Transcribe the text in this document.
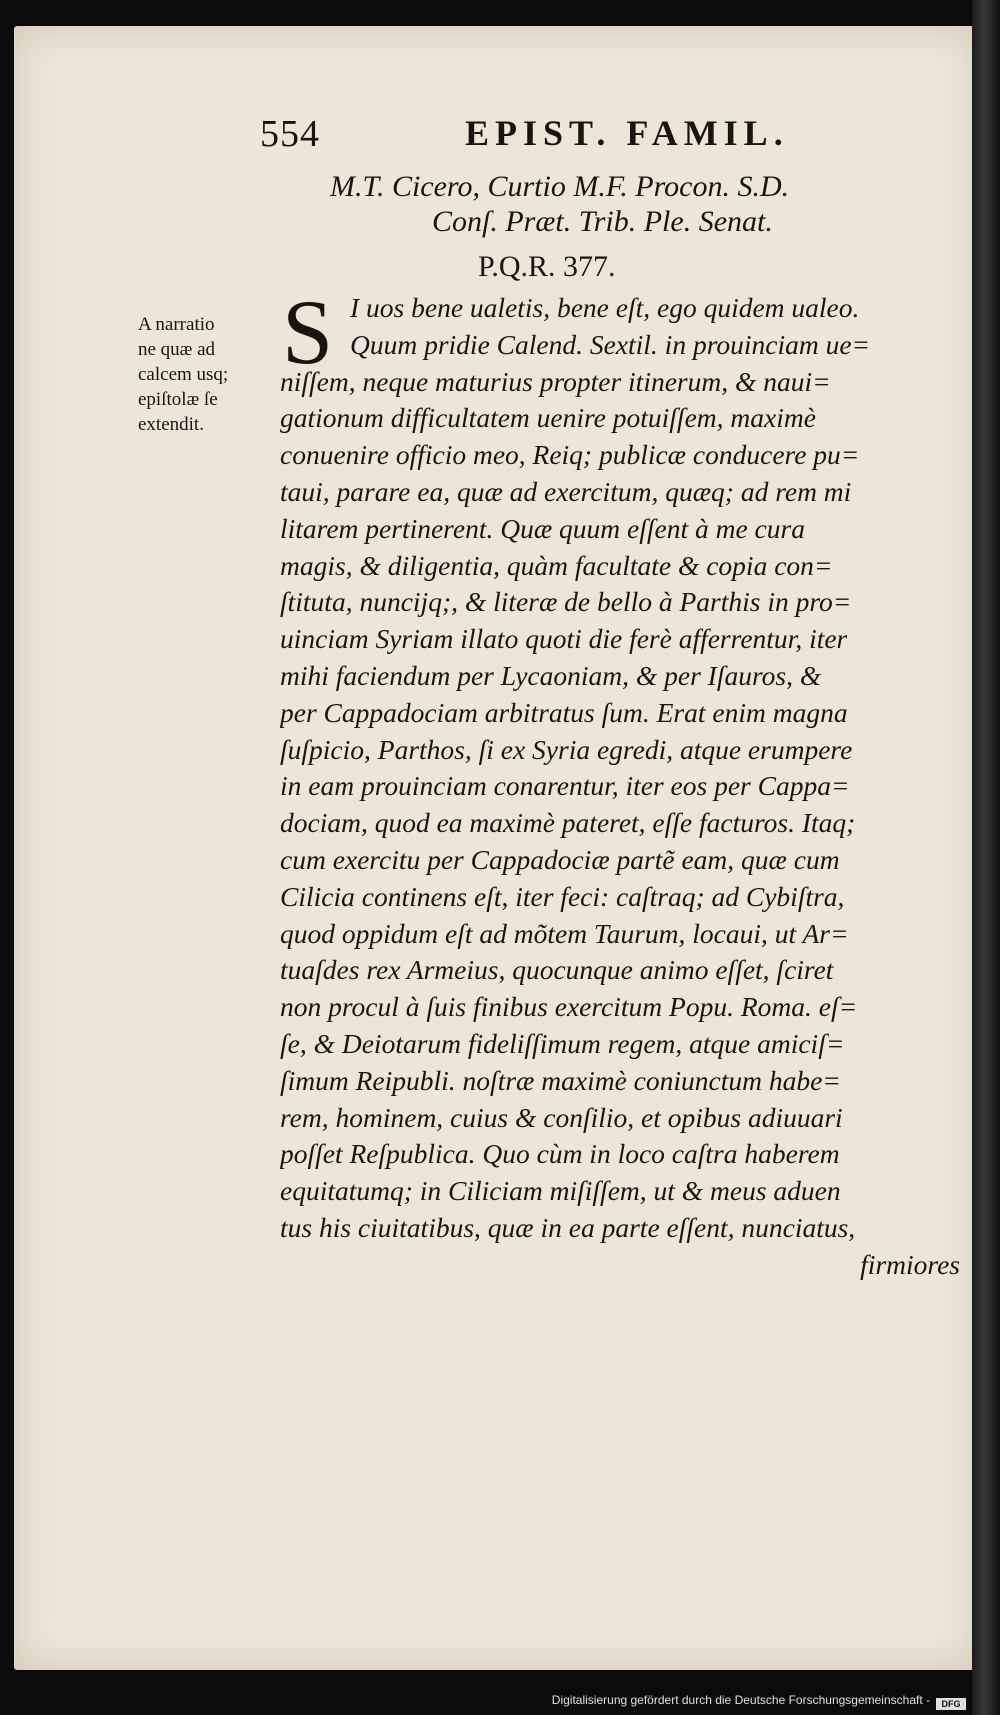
554	EPIST. FAMIL.
M.T. Cicero, Curtio M.F. Procon. S.D.
Conſ. Præt. Trib. Ple. Senat.
P.Q.R. 377.
A narratio
ne quæ ad
calcem usq;
epiſtolæ ſe
extendit.
S I uos bene ualetis, bene eſt, ego quidem ualeo.
Quum pridie Calend. Sextil. in prouinciam ue=
niſſem, neque maturius propter itinerum, & naui=
gationum difficultatem uenire potuiſſem, maximè
conuenire officio meo, Reiq; publicæ conducere pu=
taui, parare ea, quæ ad exercitum, quæq; ad rem mi
litarem pertinerent. Quæ quum eſſent à me cura
magis, & diligentia, quàm facultate & copia con=
ſtituta, nuncijq;, & literæ de bello à Parthis in pro=
uinciam Syriam illato quoti die ferè afferrentur, iter
mihi faciendum per Lycaoniam, & per Iſauros, &
per Cappadociam arbitratus ſum. Erat enim magna
ſuſpicio, Parthos, ſi ex Syria egredi, atque erumpere
in eam prouinciam conarentur, iter eos per Cappa=
dociam, quod ea maximè pateret, eſſe facturos. Itaq;
cum exercitu per Cappadociæ partẽ eam, quæ cum
Cilicia continens eſt, iter feci: caſtraq; ad Cybiſtra,
quod oppidum eſt ad mõtem Taurum, locaui, ut Ar=
tuaſdes rex Armeius, quocunque animo eſſet, ſciret
non procul à ſuis finibus exercitum Popu. Roma. eſ=
ſe, & Deiotarum fideliſſimum regem, atque amiciſ=
ſimum Reipubli. noſtræ maximè coniunctum habe=
rem, hominem, cuius & conſilio, et opibus adiuuari
poſſet Reſpublica. Quo cùm in loco caſtra haberem
equitatumq; in Ciliciam miſiſſem, ut & meus aduen
tus his ciuitatibus, quæ in ea parte eſſent, nunciatus,
firmiores
Digitalisierung gefördert durch die Deutsche Forschungsgemeinschaft -	DFG
